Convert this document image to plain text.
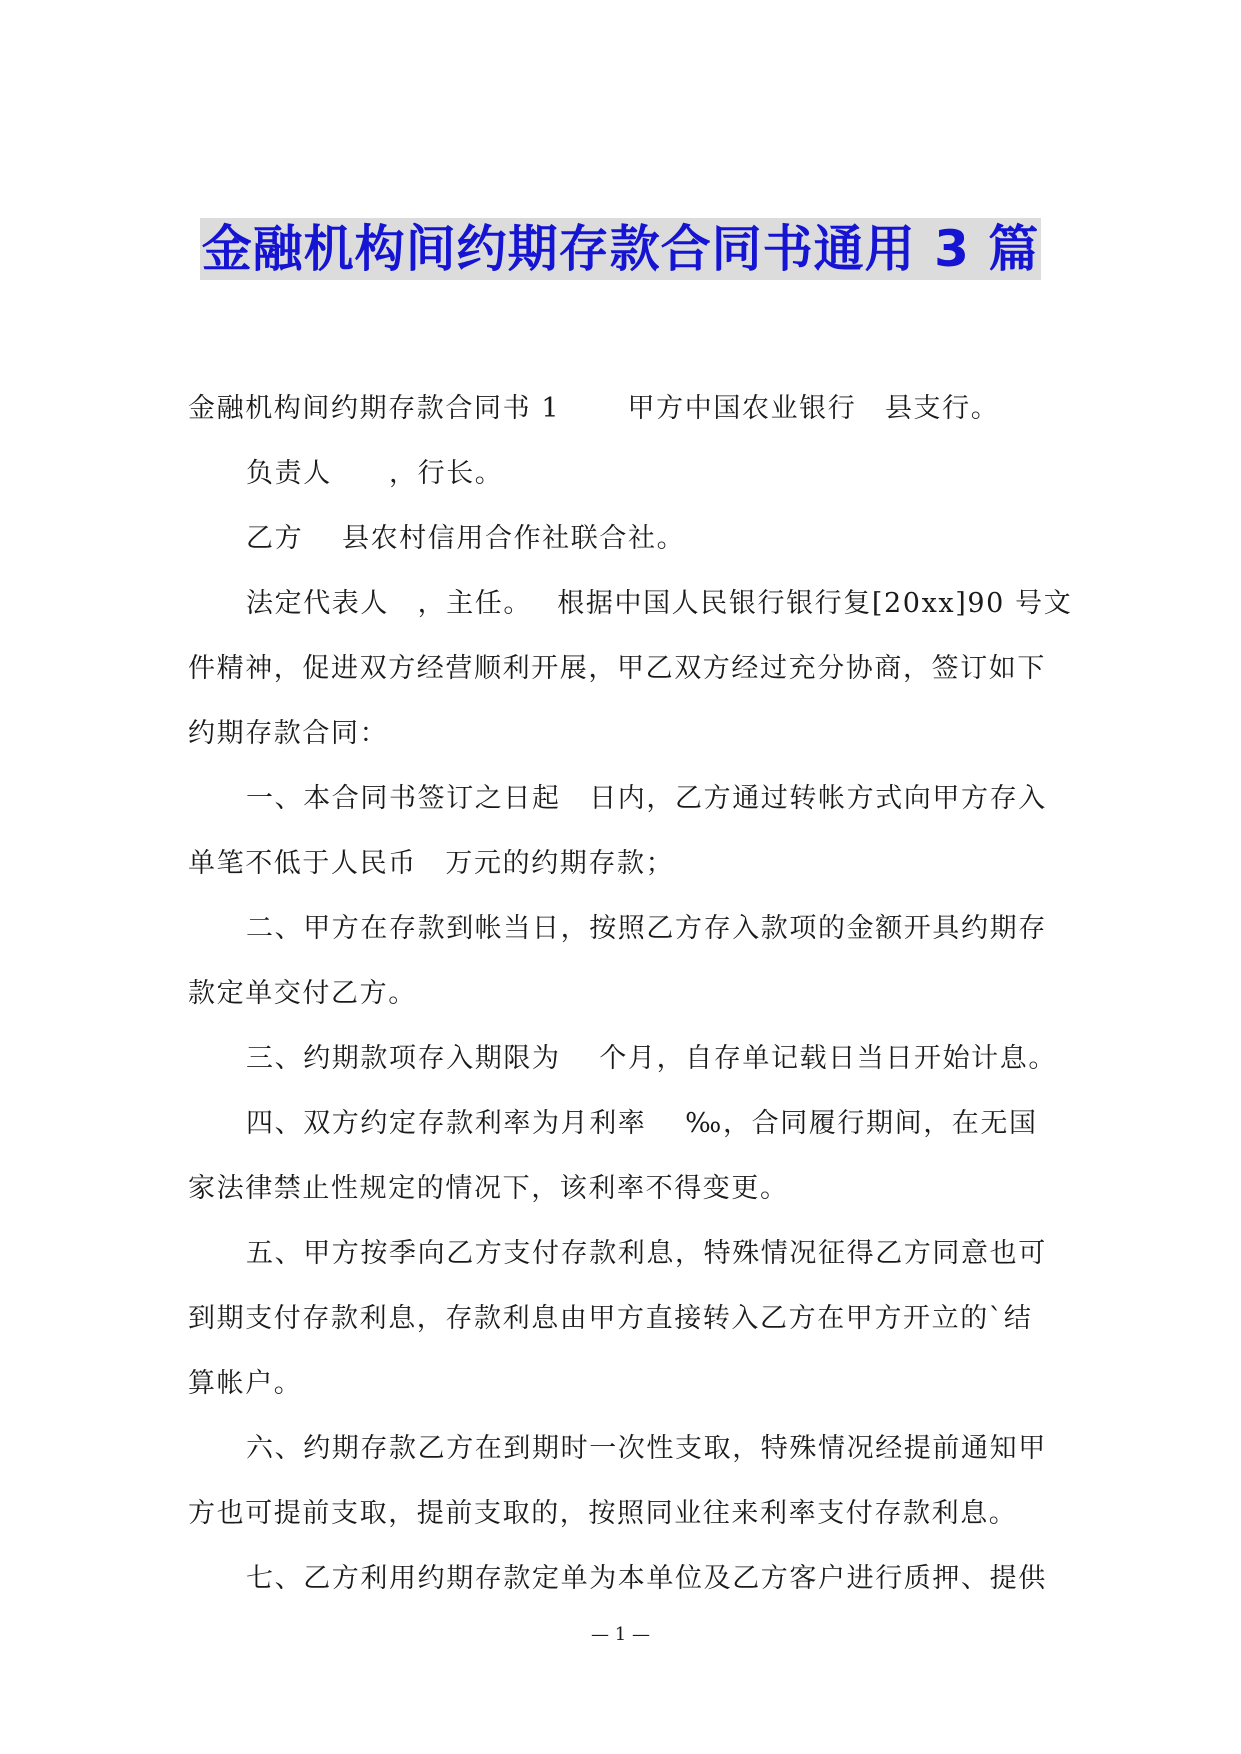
金融机构间约期存款合同书通用 3 篇
金融机构间约期存款合同书 1　　 甲方中国农业银行　县支行。
负责人　　，行长。
乙方　 县农村信用合作社联合社。
法定代表人　，主任。　 根据中国人民银行银行复[20xx]90 号文
件精神，促进双方经营顺利开展，甲乙双方经过充分协商，签订如下
约期存款合同：
一、本合同书签订之日起　日内，乙方通过转帐方式向甲方存入
单笔不低于人民币　万元的约期存款；
二、甲方在存款到帐当日，按照乙方存入款项的金额开具约期存
款定单交付乙方。
三、约期款项存入期限为　 个月，自存单记载日当日开始计息。
四、双方约定存款利率为月利率　 ‰，合同履行期间，在无国
家法律禁止性规定的情况下，该利率不得变更。
五、甲方按季向乙方支付存款利息，特殊情况征得乙方同意也可
到期支付存款利息，存款利息由甲方直接转入乙方在甲方开立的`结
算帐户。
六、约期存款乙方在到期时一次性支取，特殊情况经提前通知甲
方也可提前支取，提前支取的，按照同业往来利率支付存款利息。
七、乙方利用约期存款定单为本单位及乙方客户进行质押、提供
— 1 —
